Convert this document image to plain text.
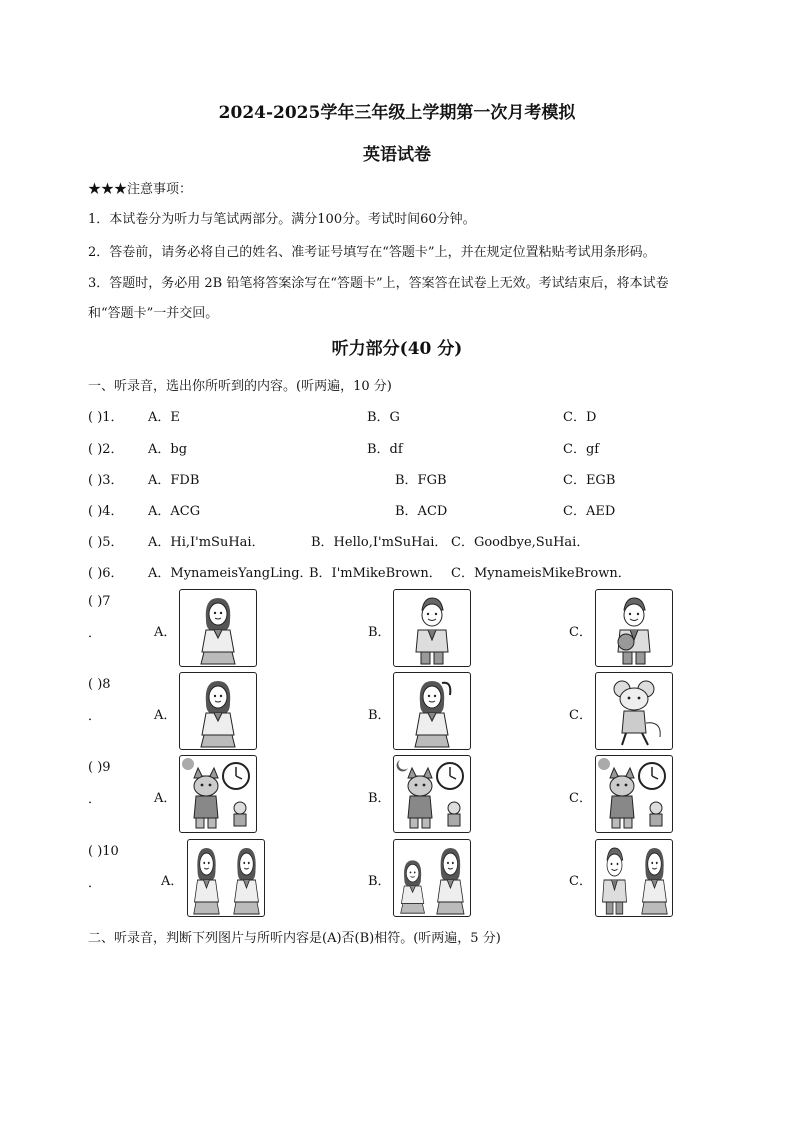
2024-2025学年三年级上学期第一次月考模拟
英语试卷
★★★注意事项：
1．本试卷分为听力与笔试两部分。满分100分。考试时间60分钟。
2．答卷前，请务必将自己的姓名、准考证号填写在“答题卡”上，并在规定位置粘贴考试用条形码。
3．答题时，务必用 2B 铅笔将答案涂写在“答题卡”上，答案答在试卷上无效。考试结束后，将本试卷
和“答题卡”一并交回。
听力部分(40 分)
一、听录音，选出你所听到的内容。(听两遍，10 分)
( )1． A．E	B．G	C．D
( )2． A．bg	B．df	C．gf
( )3． A．FDB	B．FGB	C．EGB
( )4． A．ACG	B．ACD	C．AED
( )5． A．Hi,I'mSuHai．	B．Hello,I'mSuHai． C．Goodbye,SuHai．
( )6． A．MynameisYangLing．
B．I'mMikeBrown． C．MynameisMikeBrown．
( )7
．	A．	B．	C．
( )8
．	A．	B．	C．
( )9
．	A．	B．	C．
( )10
．	A．	B．	C．
二、听录音，判断下列图片与所听内容是(A)否(B)相符。(听两遍，5 分)
